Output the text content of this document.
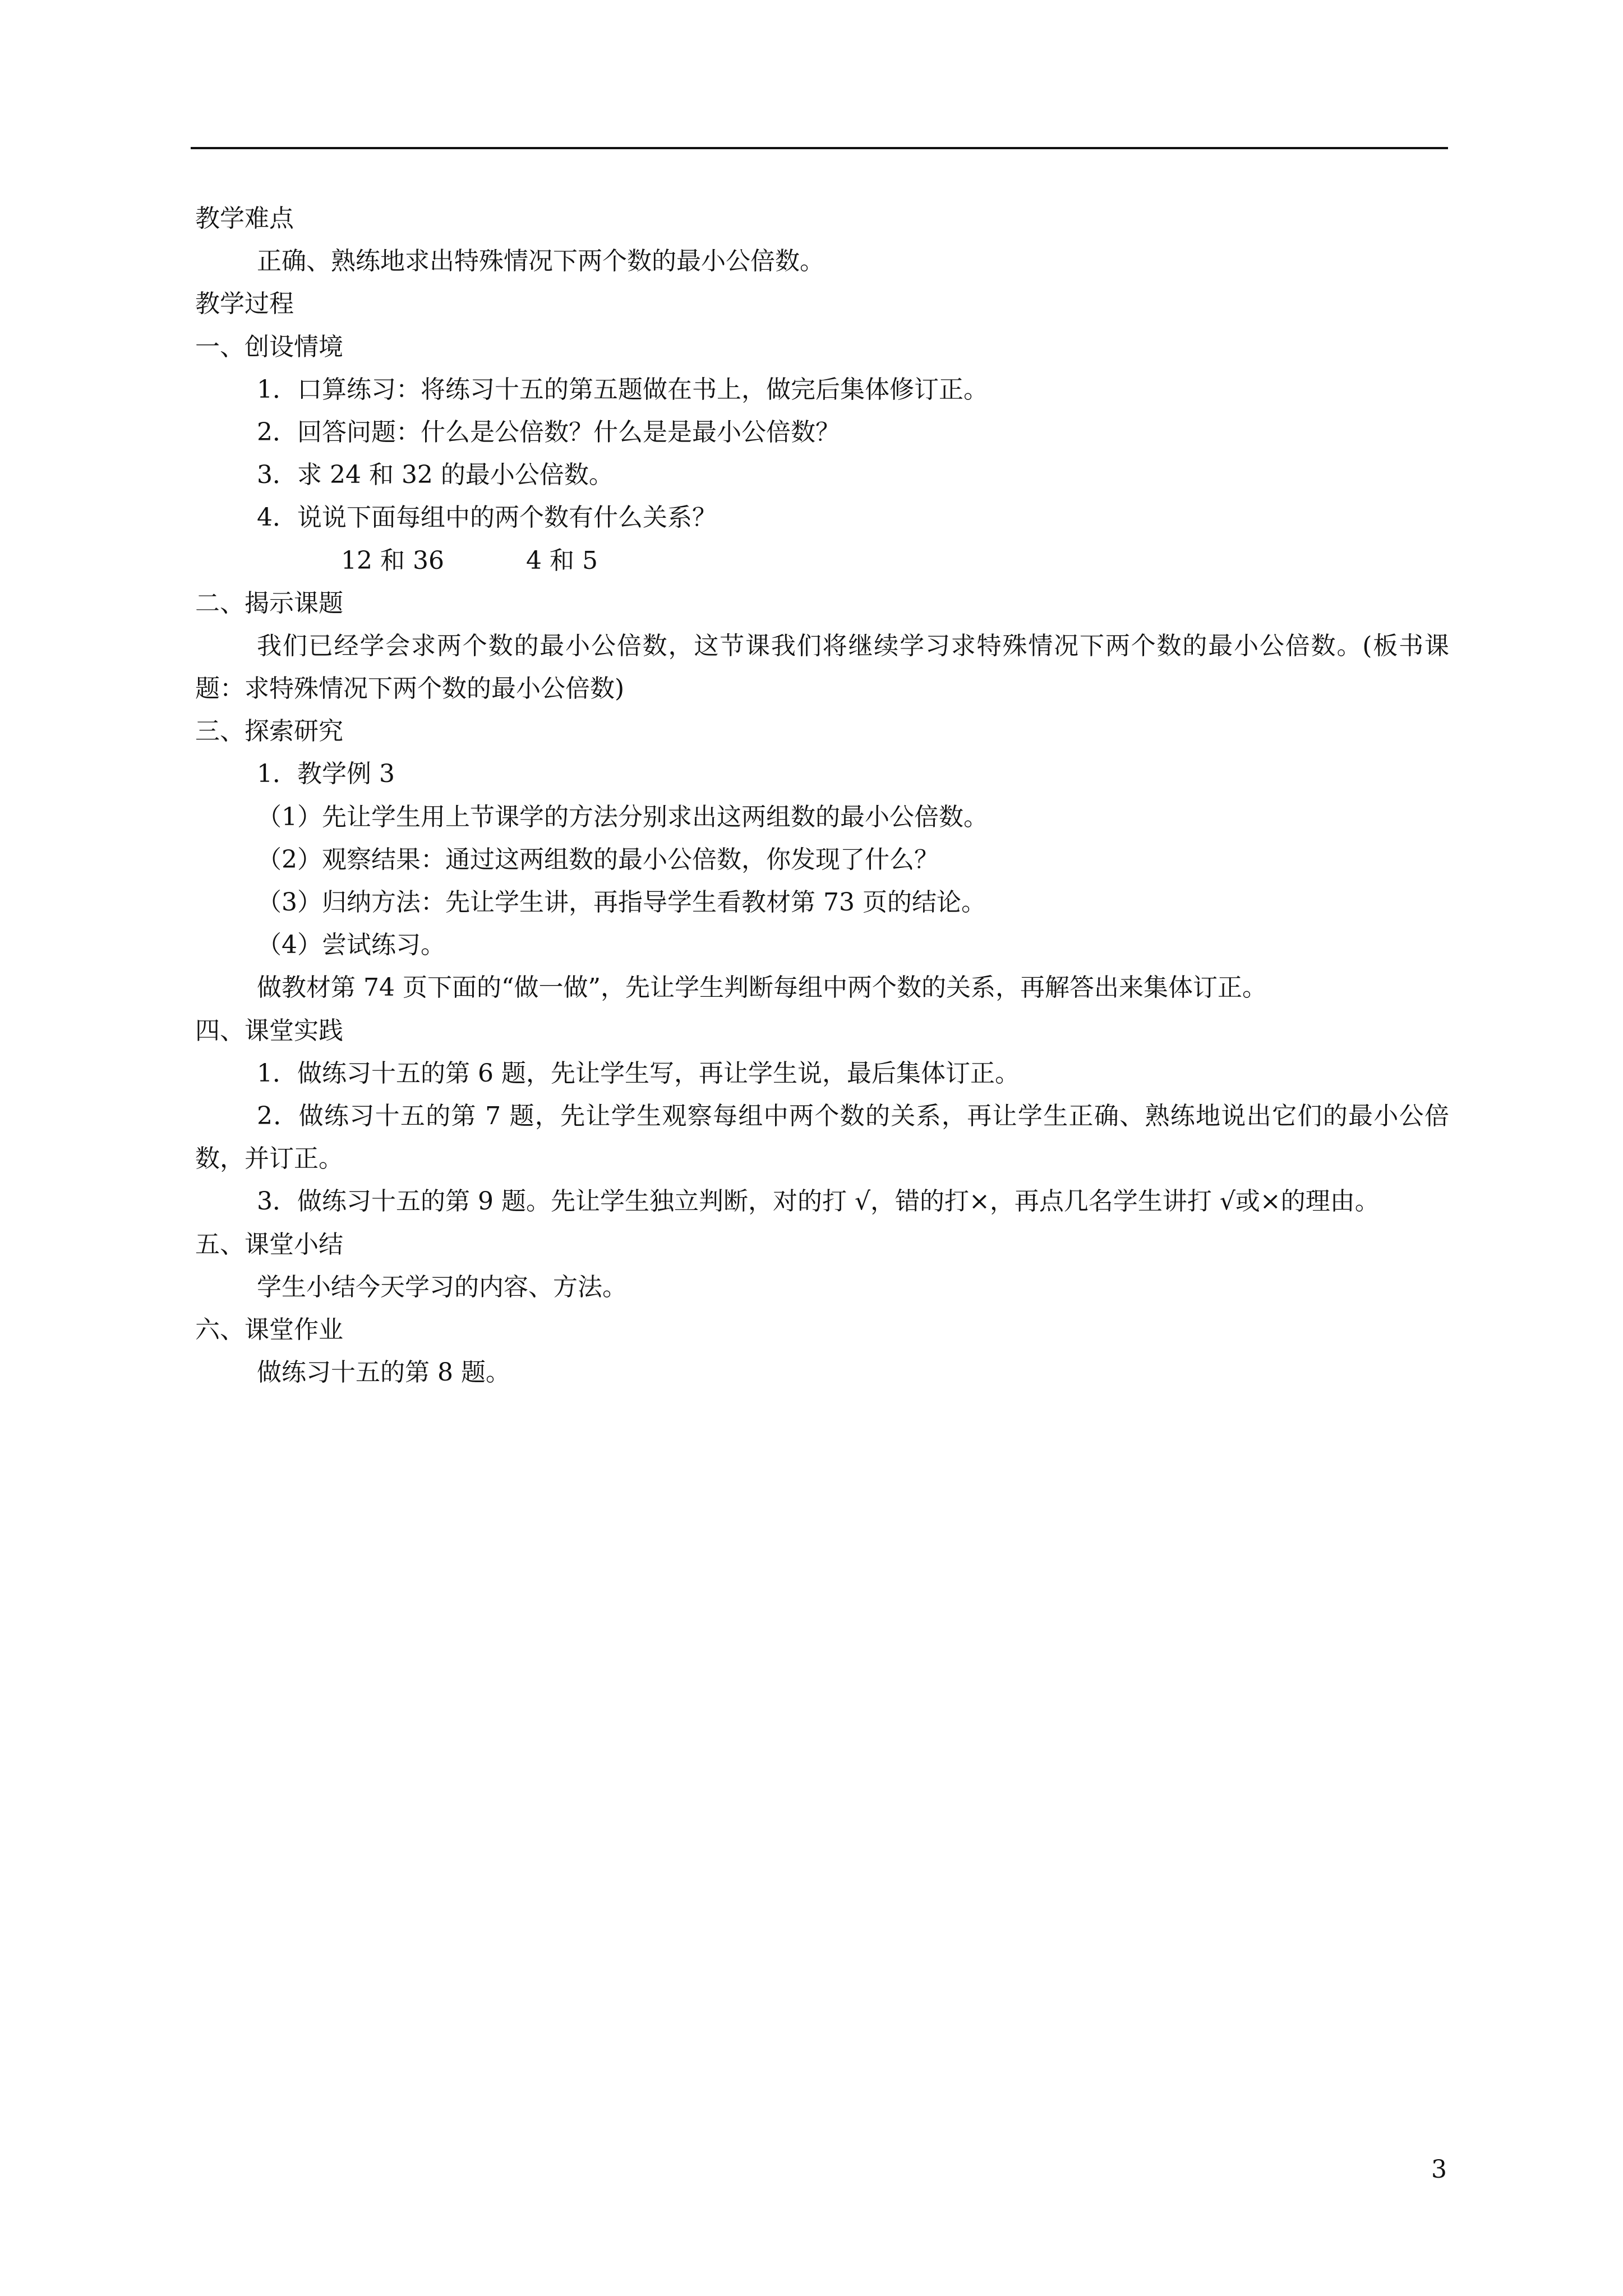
教学难点

正确、熟练地求出特殊情况下两个数的最小公倍数。

教学过程

一、创设情境

1．口算练习：将练习十五的第五题做在书上，做完后集体修订正。

2．回答问题：什么是公倍数？什么是是最小公倍数？

3．求 24 和 32 的最小公倍数。

4．说说下面每组中的两个数有什么关系？

12 和 36	4 和 5

二、揭示课题

我们已经学会求两个数的最小公倍数，这节课我们将继续学习求特殊情况下两个数的最小公倍数。(板书课题：求特殊情况下两个数的最小公倍数)

三、探索研究

1．教学例 3

（1）先让学生用上节课学的方法分别求出这两组数的最小公倍数。

（2）观察结果：通过这两组数的最小公倍数，你发现了什么？

（3）归纳方法：先让学生讲，再指导学生看教材第 73 页的结论。

（4）尝试练习。

做教材第 74 页下面的“做一做”，先让学生判断每组中两个数的关系，再解答出来集体订正。

四、课堂实践

1．做练习十五的第 6 题，先让学生写，再让学生说，最后集体订正。

2．做练习十五的第 7 题，先让学生观察每组中两个数的关系，再让学生正确、熟练地说出它们的最小公倍数，并订正。

3．做练习十五的第 9 题。先让学生独立判断，对的打 √，错的打×，再点几名学生讲打 √或×的理由。

五、课堂小结

学生小结今天学习的内容、方法。

六、课堂作业

做练习十五的第 8 题。

3
